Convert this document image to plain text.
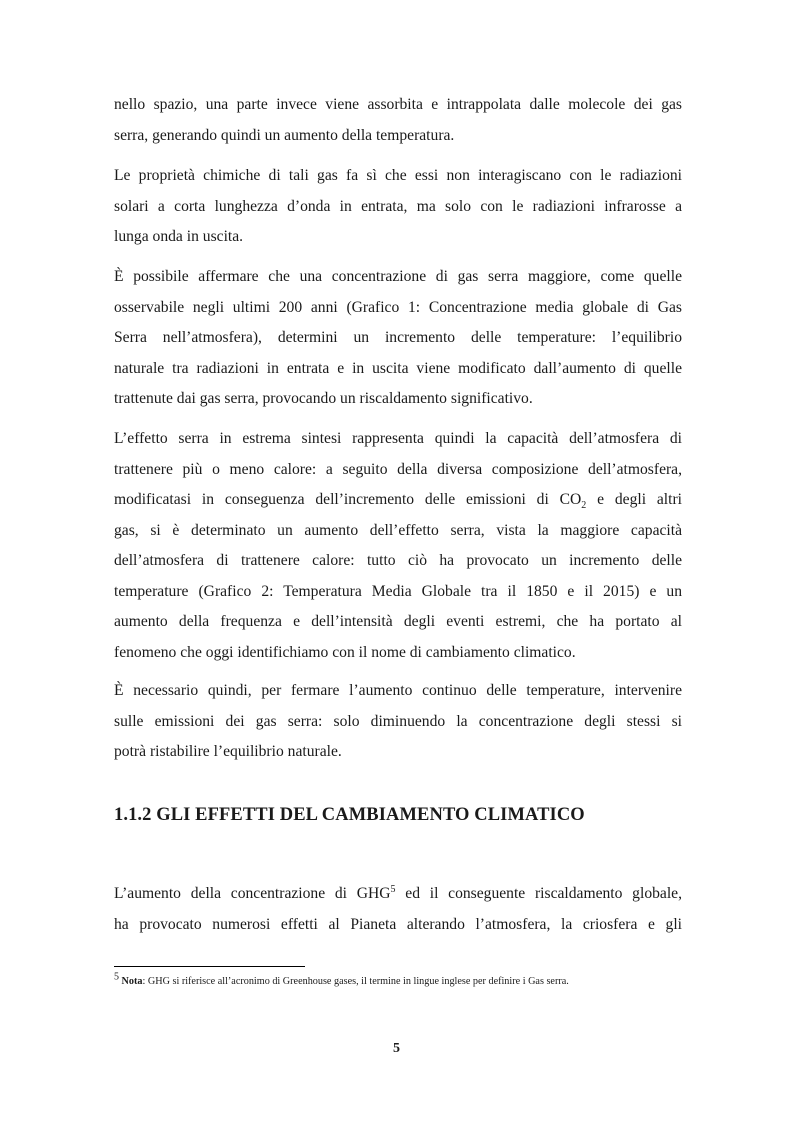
nello spazio, una parte invece viene assorbita e intrappolata dalle molecole dei gas
serra, generando quindi un aumento della temperatura.

Le proprietà chimiche di tali gas fa sì che essi non interagiscano con le radiazioni
solari a corta lunghezza d’onda in entrata, ma solo con le radiazioni infrarosse a
lunga onda in uscita.

È possibile affermare che una concentrazione di gas serra maggiore, come quelle
osservabile negli ultimi 200 anni (Grafico 1: Concentrazione media globale di Gas
Serra nell’atmosfera), determini un incremento delle temperature: l’equilibrio
naturale tra radiazioni in entrata e in uscita viene modificato dall’aumento di quelle
trattenute dai gas serra, provocando un riscaldamento significativo.

L’effetto serra in estrema sintesi rappresenta quindi la capacità dell’atmosfera di
trattenere più o meno calore: a seguito della diversa composizione dell’atmosfera,
modificatasi in conseguenza dell’incremento delle emissioni di $CO_2$ e degli altri
gas, si è determinato un aumento dell’effetto serra, vista la maggiore capacità
dell’atmosfera di trattenere calore: tutto ciò ha provocato un incremento delle
temperature (Grafico 2: Temperatura Media Globale tra il 1850 e il 2015) e un
aumento della frequenza e dell’intensità degli eventi estremi, che ha portato al
fenomeno che oggi identifichiamo con il nome di cambiamento climatico.

È necessario quindi, per fermare l’aumento continuo delle temperature, intervenire
sulle emissioni dei gas serra: solo diminuendo la concentrazione degli stessi si
potrà ristabilire l’equilibrio naturale.

1.1.2 GLI EFFETTI DEL CAMBIAMENTO CLIMATICO

L’aumento della concentrazione di GHG$^5$ ed il conseguente riscaldamento globale,
ha provocato numerosi effetti al Pianeta alterando l’atmosfera, la criosfera e gli

$^5$ Nota: GHG si riferisce all’acronimo di Greenhouse gases, il termine in lingue inglese per definire i Gas serra.
5
